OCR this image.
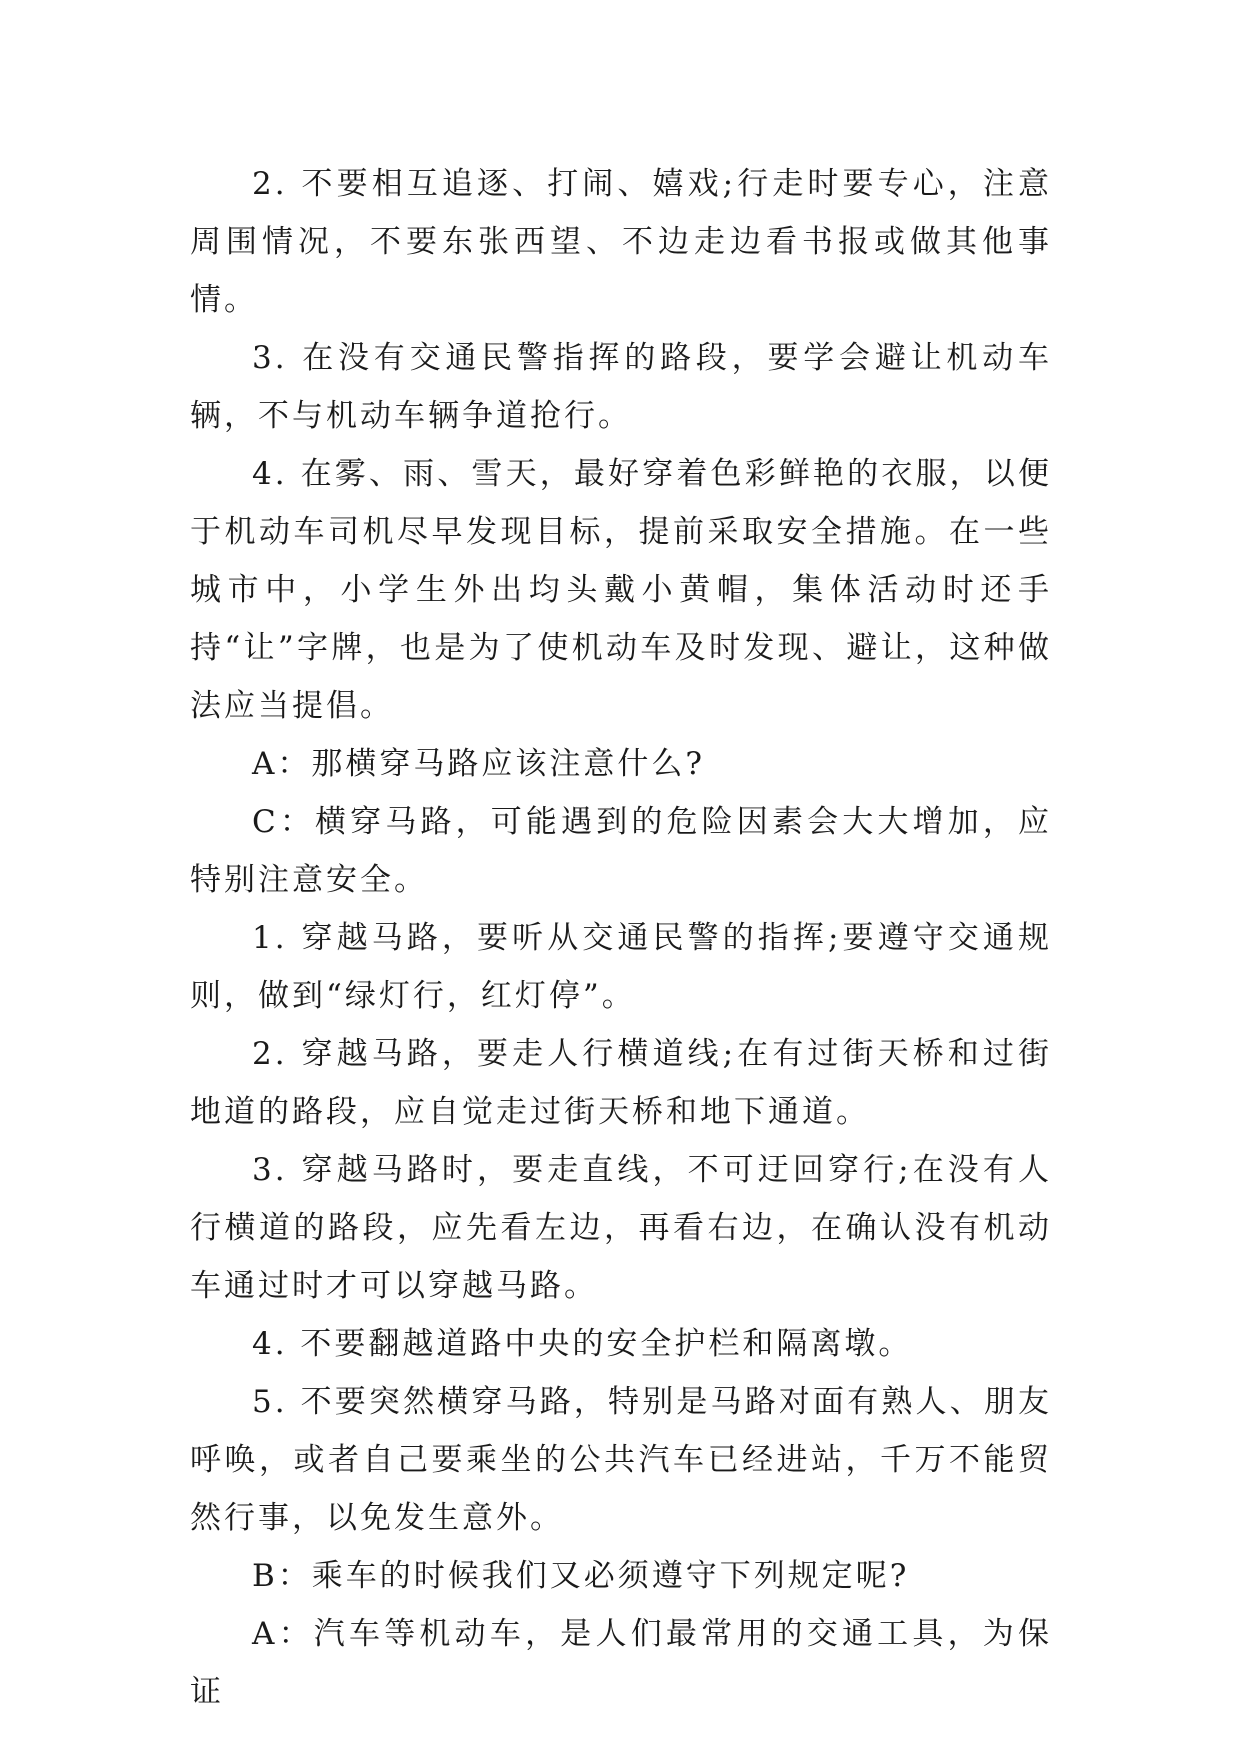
2. 不要相互追逐、打闹、嬉戏;行走时要专心，注意周围情况，不要东张西望、不边走边看书报或做其他事情。

3. 在没有交通民警指挥的路段，要学会避让机动车辆，不与机动车辆争道抢行。

4. 在雾、雨、雪天，最好穿着色彩鲜艳的衣服，以便于机动车司机尽早发现目标，提前采取安全措施。在一些城市中，小学生外出均头戴小黄帽，集体活动时还手持“让”字牌，也是为了使机动车及时发现、避让，这种做法应当提倡。

A：那横穿马路应该注意什么?

C：横穿马路，可能遇到的危险因素会大大增加，应特别注意安全。

1. 穿越马路，要听从交通民警的指挥;要遵守交通规则，做到“绿灯行，红灯停”。

2. 穿越马路，要走人行横道线;在有过街天桥和过街地道的路段，应自觉走过街天桥和地下通道。

3. 穿越马路时，要走直线，不可迂回穿行;在没有人行横道的路段，应先看左边，再看右边，在确认没有机动车通过时才可以穿越马路。

4. 不要翻越道路中央的安全护栏和隔离墩。

5. 不要突然横穿马路，特别是马路对面有熟人、朋友呼唤，或者自己要乘坐的公共汽车已经进站，千万不能贸然行事，以免发生意外。

B：乘车的时候我们又必须遵守下列规定呢?

A：汽车等机动车，是人们最常用的交通工具，为保证
